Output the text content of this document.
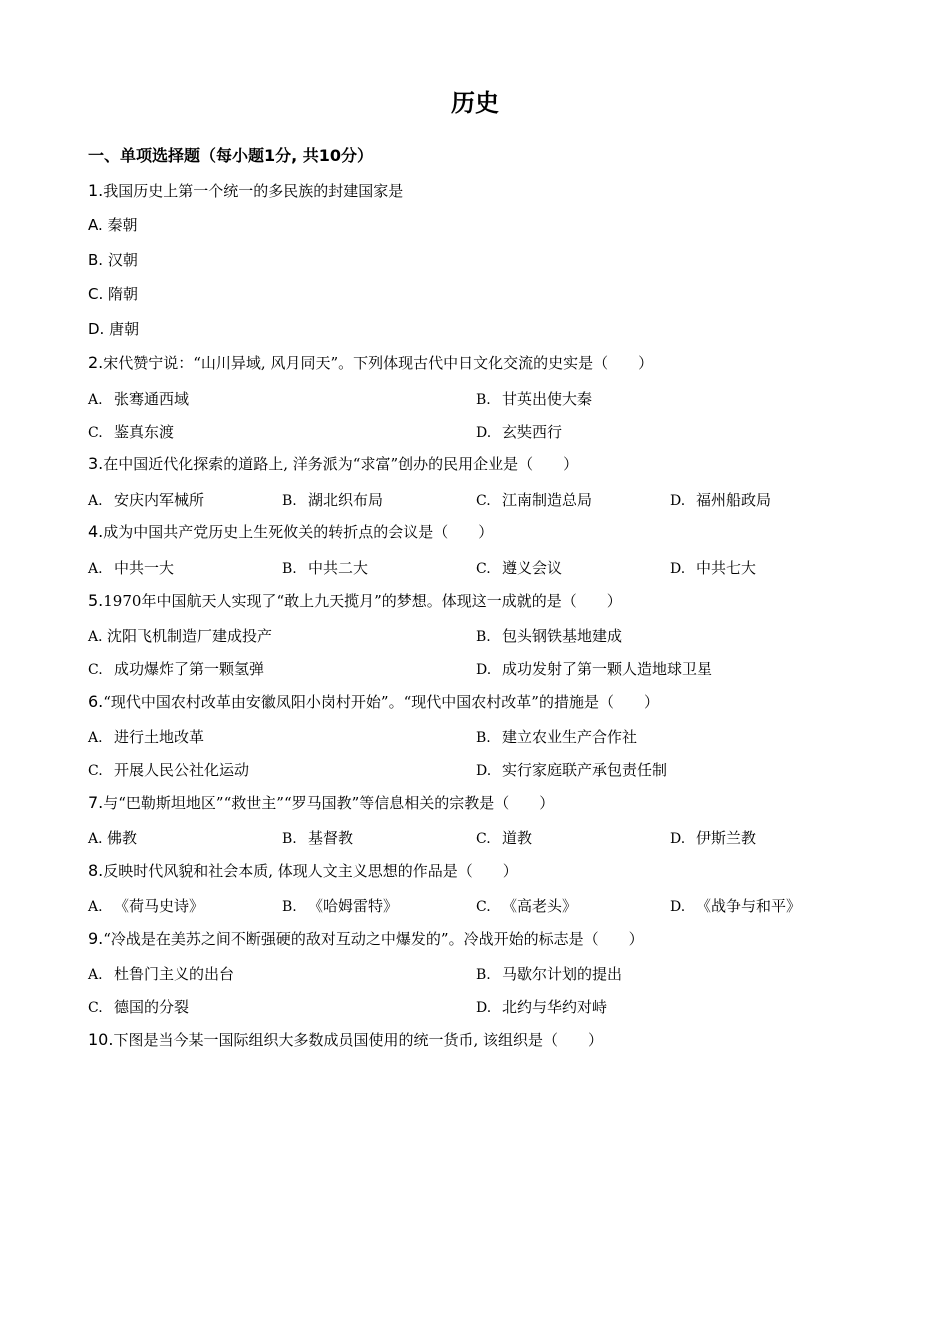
历史
一、单项选择题（每小题1分, 共10分）
1.我国历史上第一个统一的多民族的封建国家是
A. 秦朝
B. 汉朝
C. 隋朝
D. 唐朝
2.宋代赞宁说：“山川异域, 风月同天”。下列体现古代中日文化交流的史实是（　　）
A. 张骞通西域	B. 甘英出使大秦
C. 鉴真东渡	D. 玄奘西行
3.在中国近代化探索的道路上, 洋务派为“求富”创办的民用企业是（　　）
A. 安庆内军械所	B. 湖北织布局	C. 江南制造总局	D. 福州船政局
4.成为中国共产党历史上生死攸关的转折点的会议是（　　）
A. 中共一大	B. 中共二大	C. 遵义会议	D. 中共七大
5.1970年中国航天人实现了“敢上九天揽月”的梦想。体现这一成就的是（　　）
A．沈阳飞机制造厂建成投产	B. 包头钢铁基地建成
C. 成功爆炸了第一颗氢弹	D. 成功发射了第一颗人造地球卫星
6.“现代中国农村改革由安徽凤阳小岗村开始”。“现代中国农村改革”的措施是（　　）
A. 进行土地改革	B. 建立农业生产合作社
C. 开展人民公社化运动	D. 实行家庭联产承包责任制
7.与“巴勒斯坦地区”“救世主”“罗马国教”等信息相关的宗教是（　　）
A．佛教	B. 基督教	C. 道教	D. 伊斯兰教
8.反映时代风貌和社会本质, 体现人文主义思想的作品是（　　）
A. 《荷马史诗》	B. 《哈姆雷特》	C. 《高老头》	D. 《战争与和平》
9.“冷战是在美苏之间不断强硬的敌对互动之中爆发的”。冷战开始的标志是（　　）
A. 杜鲁门主义的出台	B. 马歇尔计划的提出
C. 德国的分裂	D. 北约与华约对峙
10.下图是当今某一国际组织大多数成员国使用的统一货币, 该组织是（　　）
